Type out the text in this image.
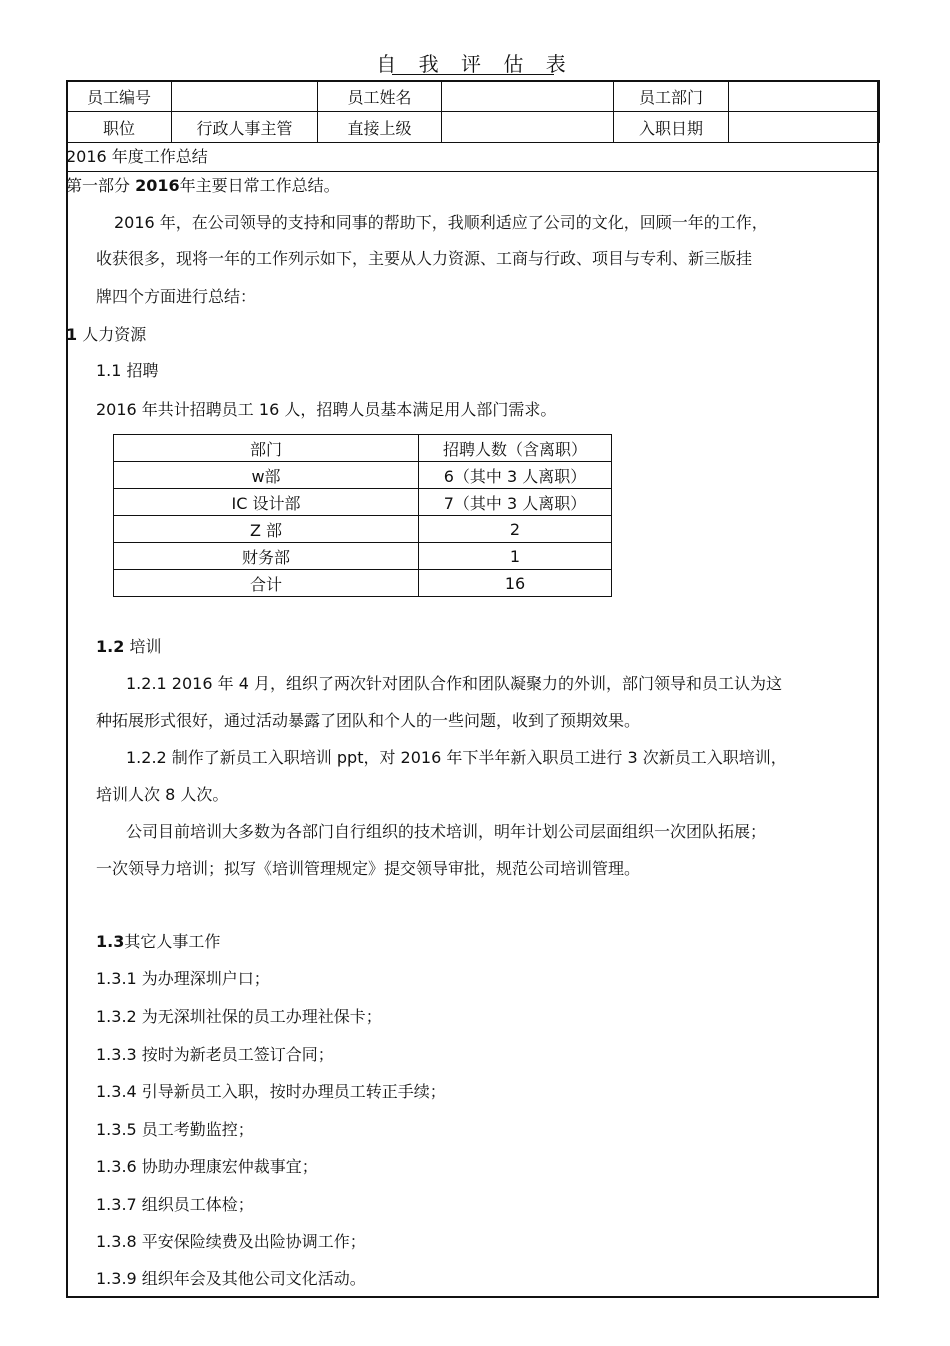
自 我 评 估 表
员工编号		员工姓名		员工部门	
职位	行政人事主管	直接上级		入职日期	
2016 年度工作总结
第一部分 2016年主要日常工作总结。
2016 年，在公司领导的支持和同事的帮助下，我顺利适应了公司的文化，回顾一年的工作，
收获很多，现将一年的工作列示如下，主要从人力资源、工商与行政、项目与专利、新三版挂
牌四个方面进行总结：
1 人力资源
1.1 招聘
2016 年共计招聘员工 16 人，招聘人员基本满足用人部门需求。
部门	招聘人数（含离职）
w部	6（其中 3 人离职）
IC 设计部	7（其中 3 人离职）
Z 部	2
财务部	1
合计	16
1.2 培训
1.2.1 2016 年 4 月，组织了两次针对团队合作和团队凝聚力的外训，部门领导和员工认为这
种拓展形式很好，通过活动暴露了团队和个人的一些问题，收到了预期效果。
1.2.2 制作了新员工入职培训 ppt，对 2016 年下半年新入职员工进行 3 次新员工入职培训，
培训人次 8 人次。
公司目前培训大多数为各部门自行组织的技术培训，明年计划公司层面组织一次团队拓展；
一次领导力培训；拟写《培训管理规定》提交领导审批，规范公司培训管理。
1.3其它人事工作
1.3.1 为办理深圳户口；
1.3.2 为无深圳社保的员工办理社保卡；
1.3.3 按时为新老员工签订合同；
1.3.4 引导新员工入职，按时办理员工转正手续；
1.3.5 员工考勤监控；
1.3.6 协助办理康宏仲裁事宜；
1.3.7 组织员工体检；
1.3.8 平安保险续费及出险协调工作；
1.3.9 组织年会及其他公司文化活动。
